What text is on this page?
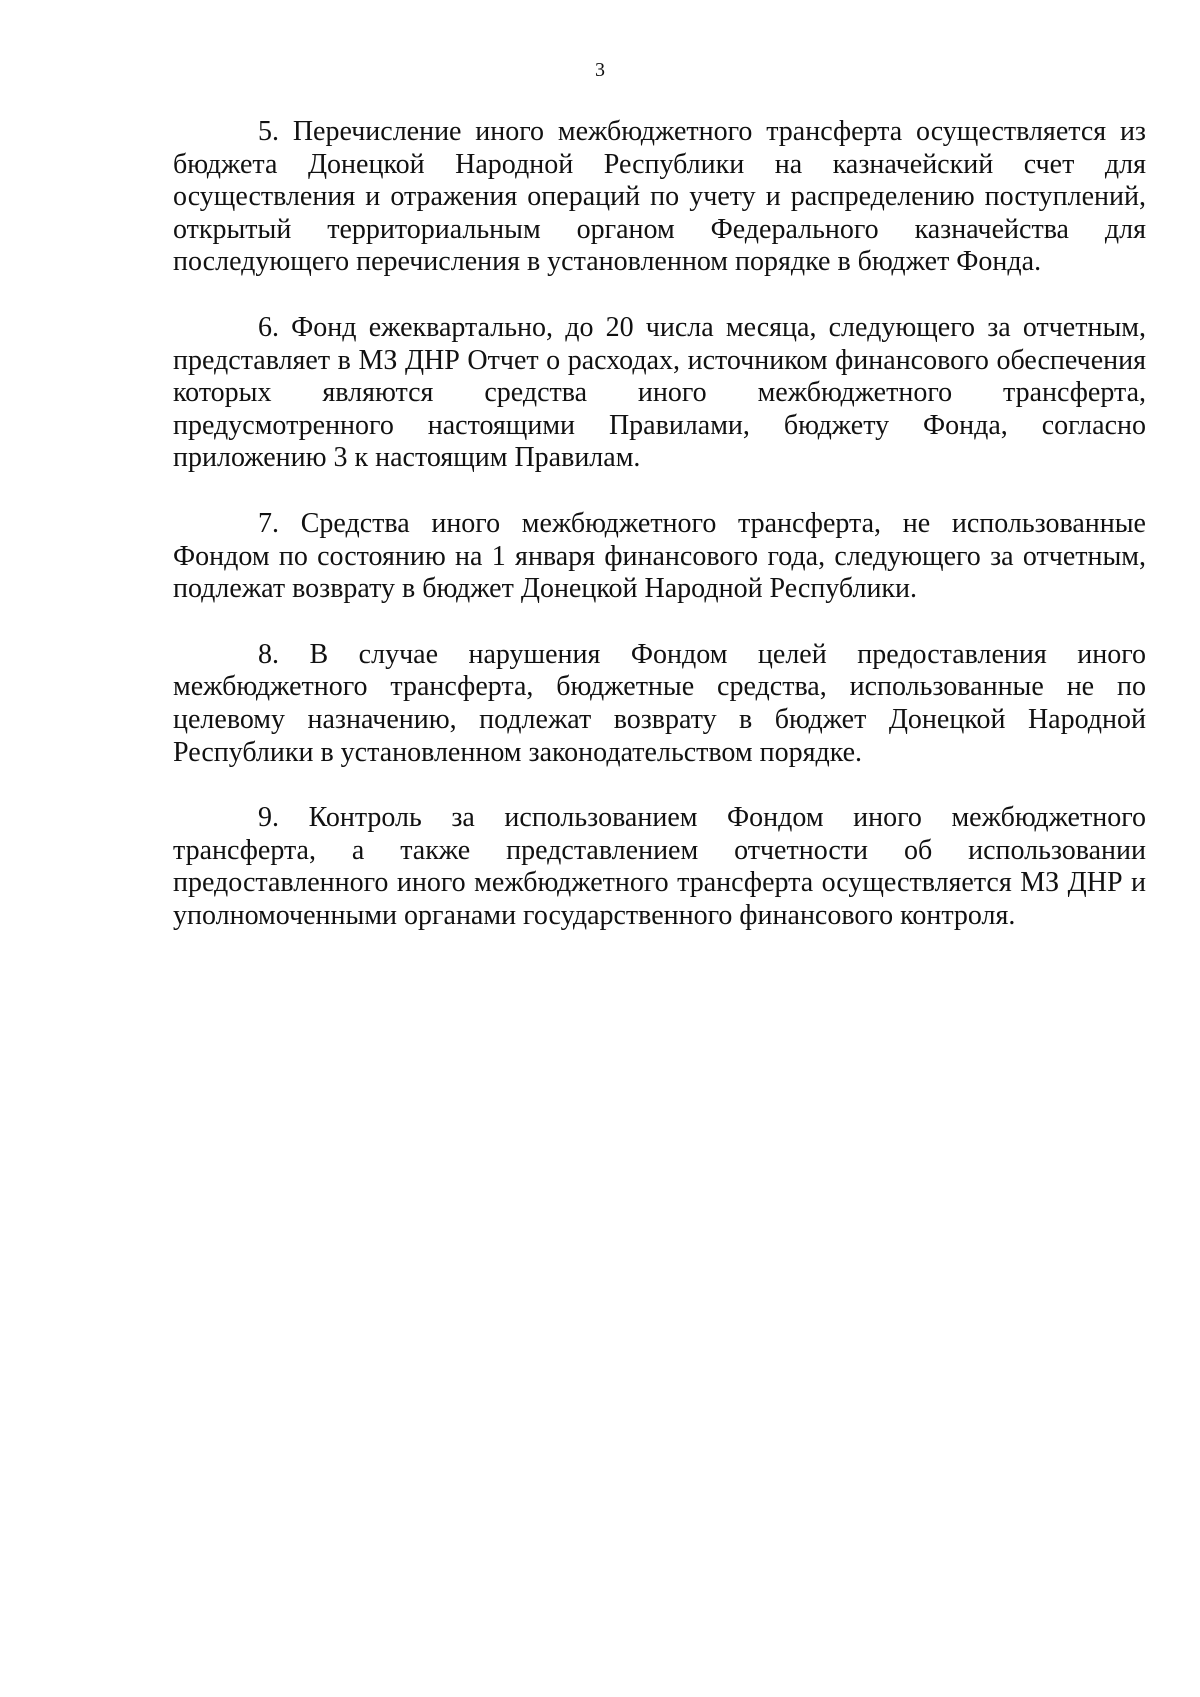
3

5. Перечисление иного межбюджетного трансферта осуществляется из бюджета Донецкой Народной Республики на казначейский счет для осуществления и отражения операций по учету и распределению поступлений, открытый территориальным органом Федерального казначейства для последующего перечисления в установленном порядке в бюджет Фонда.

6. Фонд ежеквартально, до 20 числа месяца, следующего за отчетным, представляет в МЗ ДНР Отчет о расходах, источником финансового обеспечения которых являются средства иного межбюджетного трансферта, предусмотренного настоящими Правилами, бюджету Фонда, согласно приложению 3 к настоящим Правилам.

7. Средства иного межбюджетного трансферта, не использованные Фондом по состоянию на 1 января финансового года, следующего за отчетным, подлежат возврату в бюджет Донецкой Народной Республики.

8. В случае нарушения Фондом целей предоставления иного межбюджетного трансферта, бюджетные средства, использованные не по целевому назначению, подлежат возврату в бюджет Донецкой Народной Республики в установленном законодательством порядке.

9. Контроль за использованием Фондом иного межбюджетного трансферта, а также представлением отчетности об использовании предоставленного иного межбюджетного трансферта осуществляется МЗ ДНР и уполномоченными органами государственного финансового контроля.
